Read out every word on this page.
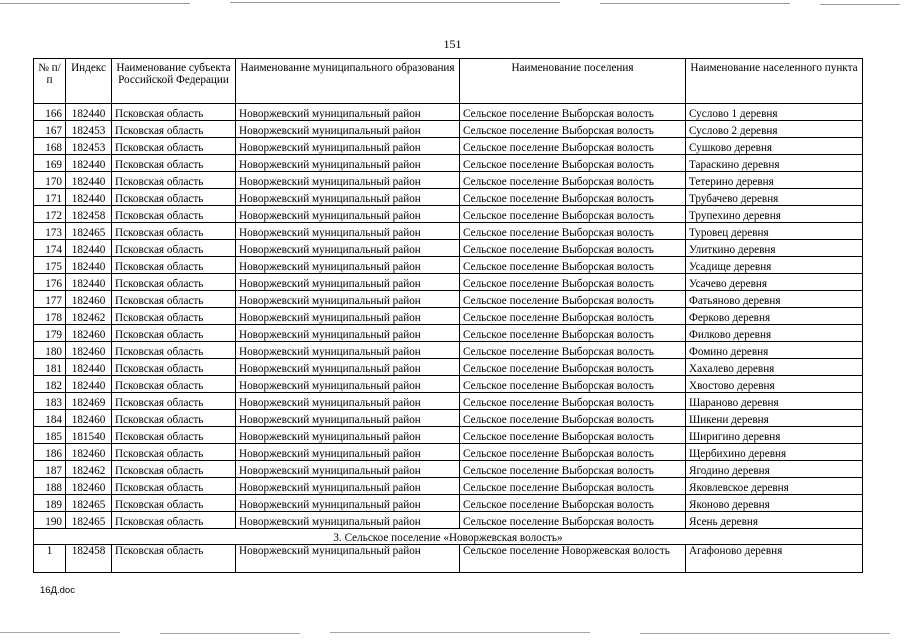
151
№ п/п	Индекс	Наименование субъекта Российской Федерации	Наименование муниципального образования	Наименование поселения	Наименование населенного пункта
166	182440	Псковская область	Новоржевский муниципальный район	Сельское поселение Выборская волость	Суслово 1 деревня
167	182453	Псковская область	Новоржевский муниципальный район	Сельское поселение Выборская волость	Суслово 2 деревня
168	182453	Псковская область	Новоржевский муниципальный район	Сельское поселение Выборская волость	Сушково деревня
169	182440	Псковская область	Новоржевский муниципальный район	Сельское поселение Выборская волость	Тараскино деревня
170	182440	Псковская область	Новоржевский муниципальный район	Сельское поселение Выборская волость	Тетерино деревня
171	182440	Псковская область	Новоржевский муниципальный район	Сельское поселение Выборская волость	Трубачево деревня
172	182458	Псковская область	Новоржевский муниципальный район	Сельское поселение Выборская волость	Трупехино деревня
173	182465	Псковская область	Новоржевский муниципальный район	Сельское поселение Выборская волость	Туровец деревня
174	182440	Псковская область	Новоржевский муниципальный район	Сельское поселение Выборская волость	Улиткино деревня
175	182440	Псковская область	Новоржевский муниципальный район	Сельское поселение Выборская волость	Усадище деревня
176	182440	Псковская область	Новоржевский муниципальный район	Сельское поселение Выборская волость	Усачево деревня
177	182460	Псковская область	Новоржевский муниципальный район	Сельское поселение Выборская волость	Фатьяново деревня
178	182462	Псковская область	Новоржевский муниципальный район	Сельское поселение Выборская волость	Ферково деревня
179	182460	Псковская область	Новоржевский муниципальный район	Сельское поселение Выборская волость	Филково деревня
180	182460	Псковская область	Новоржевский муниципальный район	Сельское поселение Выборская волость	Фомино деревня
181	182440	Псковская область	Новоржевский муниципальный район	Сельское поселение Выборская волость	Хахалево деревня
182	182440	Псковская область	Новоржевский муниципальный район	Сельское поселение Выборская волость	Хвостово деревня
183	182469	Псковская область	Новоржевский муниципальный район	Сельское поселение Выборская волость	Шараново деревня
184	182460	Псковская область	Новоржевский муниципальный район	Сельское поселение Выборская волость	Шикени деревня
185	181540	Псковская область	Новоржевский муниципальный район	Сельское поселение Выборская волость	Ширигино деревня
186	182460	Псковская область	Новоржевский муниципальный район	Сельское поселение Выборская волость	Щербихино деревня
187	182462	Псковская область	Новоржевский муниципальный район	Сельское поселение Выборская волость	Ягодино деревня
188	182460	Псковская область	Новоржевский муниципальный район	Сельское поселение Выборская волость	Яковлевское деревня
189	182465	Псковская область	Новоржевский муниципальный район	Сельское поселение Выборская волость	Яконово деревня
190	182465	Псковская область	Новоржевский муниципальный район	Сельское поселение Выборская волость	Ясень деревня
3. Сельское поселение «Новоржевская волость»					
1	182458	Псковская область	Новоржевский муниципальный район	Сельское поселение Новоржевская волость	Агафоново деревня
16Д.doc
